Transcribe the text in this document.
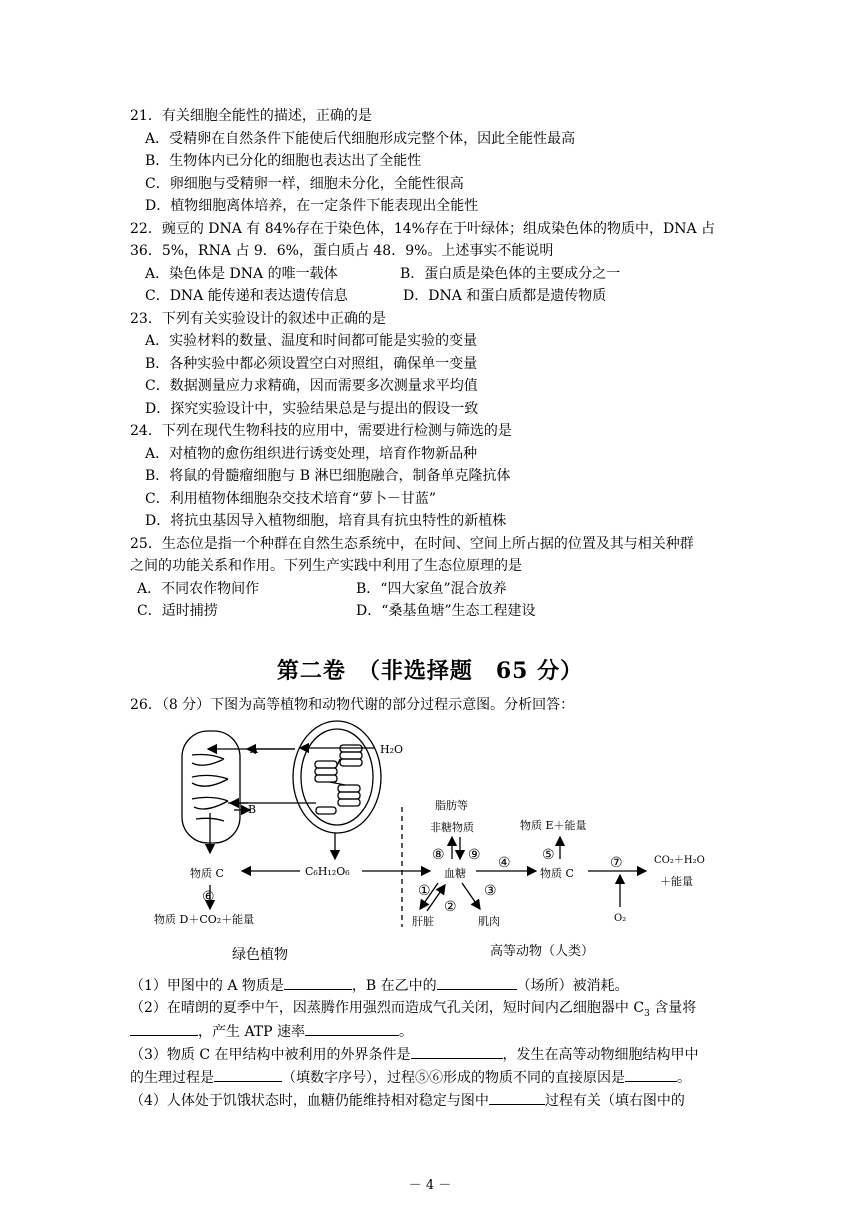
21．有关细胞全能性的描述，正确的是
A．受精卵在自然条件下能使后代细胞形成完整个体，因此全能性最高
B．生物体内已分化的细胞也表达出了全能性
C．卵细胞与受精卵一样，细胞未分化，全能性很高
D．植物细胞离体培养，在一定条件下能表现出全能性
22．豌豆的 DNA 有 84%存在于染色体，14%存在于叶绿体；组成染色体的物质中，DNA 占
36．5%，RNA 占 9．6%，蛋白质占 48．9%。上述事实不能说明
A．染色体是 DNA 的唯一载体	B．蛋白质是染色体的主要成分之一
C．DNA 能传递和表达遗传信息	D．DNA 和蛋白质都是遗传物质
23．下列有关实验设计的叙述中正确的是
A．实验材料的数量、温度和时间都可能是实验的变量
B．各种实验中都必须设置空白对照组，确保单一变量
C．数据测量应力求精确，因而需要多次测量求平均值
D．探究实验设计中，实验结果总是与提出的假设一致
24．下列在现代生物科技的应用中，需要进行检测与筛选的是
A．对植物的愈伤组织进行诱变处理，培育作物新品种
B．将鼠的骨髓瘤细胞与 B 淋巴细胞融合，制备单克隆抗体
C．利用植物体细胞杂交技术培育“萝卜－甘蓝”
D．将抗虫基因导入植物细胞，培育具有抗虫特性的新植株
25．生态位是指一个种群在自然生态系统中，在时间、空间上所占据的位置及其与相关种群
之间的功能关系和作用。下列生产实践中利用了生态位原理的是
A．不同农作物间作	B．“四大家鱼”混合放养
C．适时捕捞	D．“桑基鱼塘”生态工程建设
第二卷　（非选择题　65 分）
26．（8 分）下图为高等植物和动物代谢的部分过程示意图。分析回答：
A
B
H₂O
物质 C
⑥
物质 D＋CO₂＋能量
C₆H₁₂O₆
脂肪等
非糖物质
⑧ ⑨
血糖
④ ⑤	⑦
①
②
③
物质 E＋能量
物质 C
CO₂＋H₂O
＋能量
O₂
肝脏	肌肉
绿色植物	高等动物（人类）
（1）甲图中的 A 物质是	，B 在乙中的	（场所）被消耗。
（2）在晴朗的夏季中午，因蒸腾作用强烈而造成气孔关闭，短时间内乙细胞器中 $C_3$ 含量将
，产生 ATP 速率	。
（3）物质 C 在甲结构中被利用的外界条件是	，发生在高等动物细胞结构甲中
的生理过程是	（填数字序号），过程⑤⑥形成的物质不同的直接原因是	。
（4）人体处于饥饿状态时，血糖仍能维持相对稳定与图中	过程有关（填右图中的
－ 4 －
